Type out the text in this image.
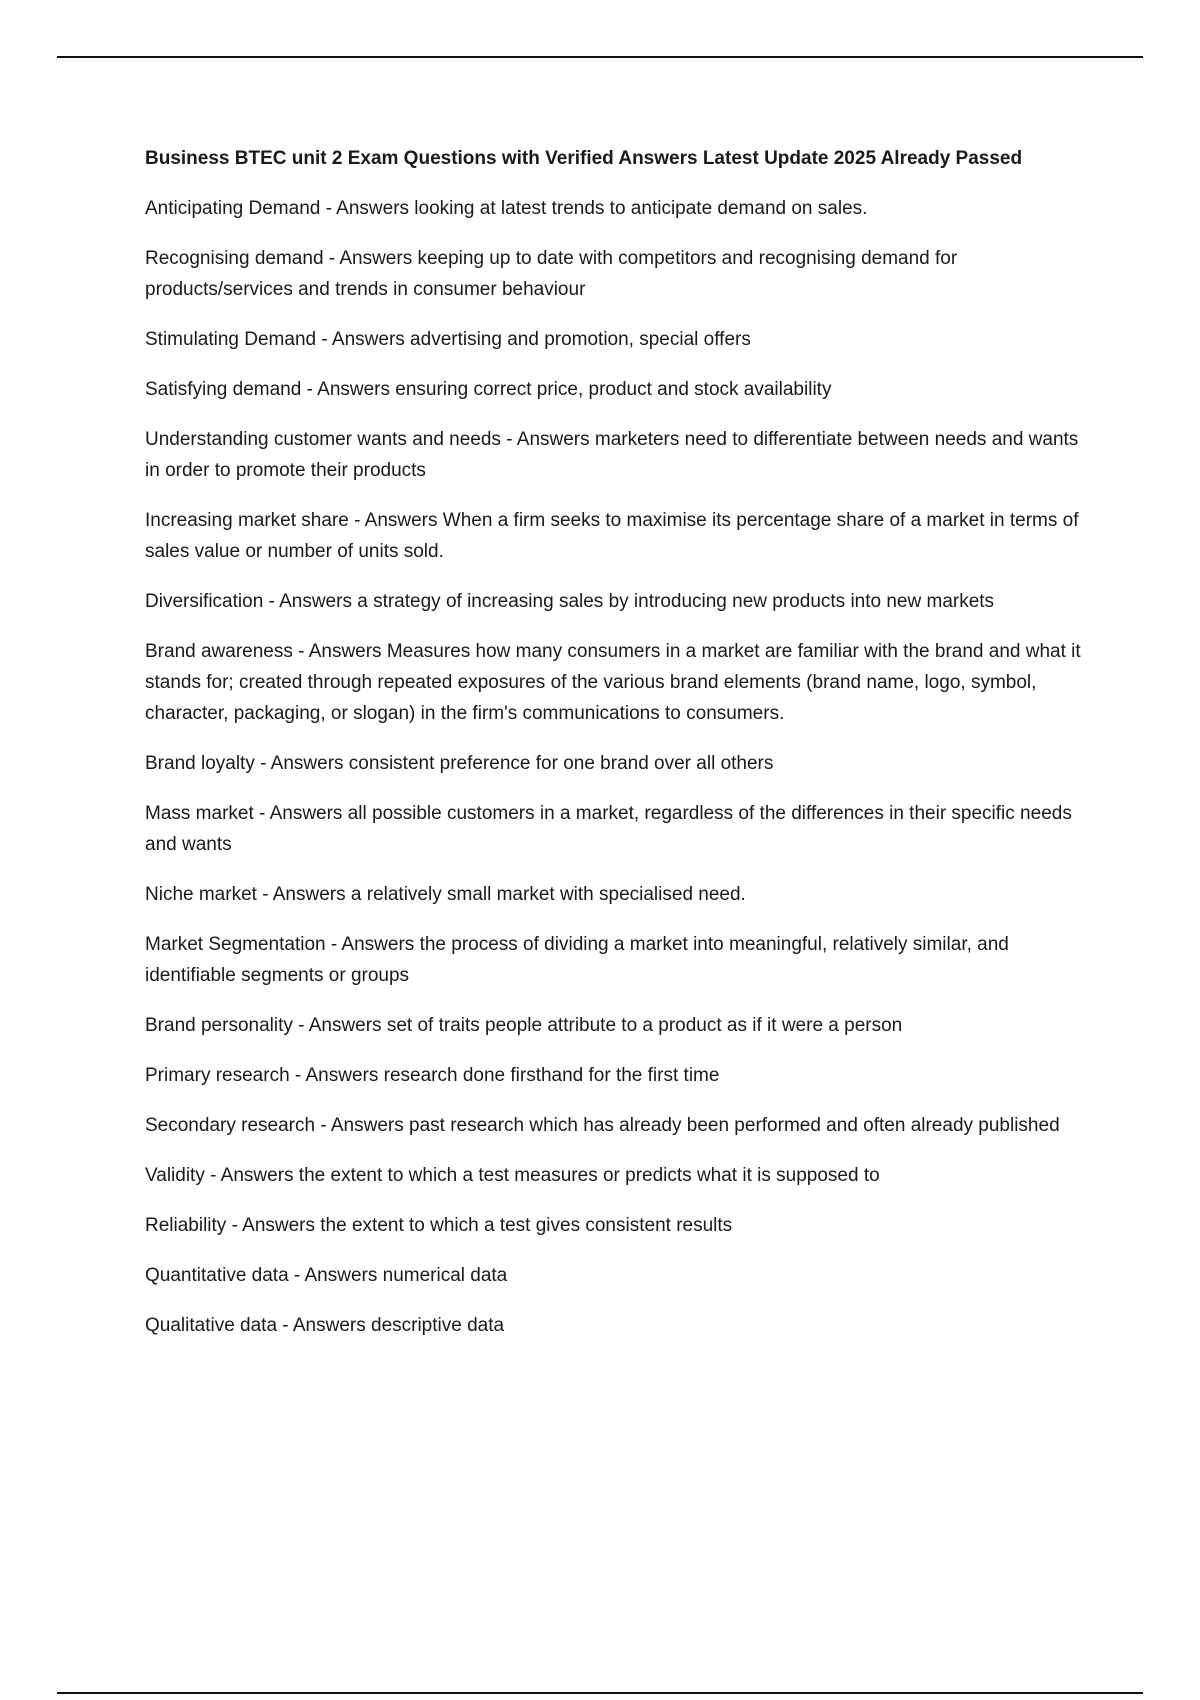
Business BTEC unit 2 Exam Questions with Verified Answers Latest Update 2025 Already Passed
Anticipating Demand - Answers looking at latest trends to anticipate demand on sales.
Recognising demand - Answers keeping up to date with competitors and recognising demand for products/services and trends in consumer behaviour
Stimulating Demand - Answers advertising and promotion, special offers
Satisfying demand - Answers ensuring correct price, product and stock availability
Understanding customer wants and needs - Answers marketers need to differentiate between needs and wants in order to promote their products
Increasing market share - Answers When a firm seeks to maximise its percentage share of a market in terms of sales value or number of units sold.
Diversification - Answers a strategy of increasing sales by introducing new products into new markets
Brand awareness - Answers Measures how many consumers in a market are familiar with the brand and what it stands for; created through repeated exposures of the various brand elements (brand name, logo, symbol, character, packaging, or slogan) in the firm's communications to consumers.
Brand loyalty - Answers consistent preference for one brand over all others
Mass market - Answers all possible customers in a market, regardless of the differences in their specific needs and wants
Niche market - Answers a relatively small market with specialised need.
Market Segmentation - Answers the process of dividing a market into meaningful, relatively similar, and identifiable segments or groups
Brand personality - Answers set of traits people attribute to a product as if it were a person
Primary research - Answers research done firsthand for the first time
Secondary research - Answers past research which has already been performed and often already published
Validity - Answers the extent to which a test measures or predicts what it is supposed to
Reliability - Answers the extent to which a test gives consistent results
Quantitative data - Answers numerical data
Qualitative data - Answers descriptive data
